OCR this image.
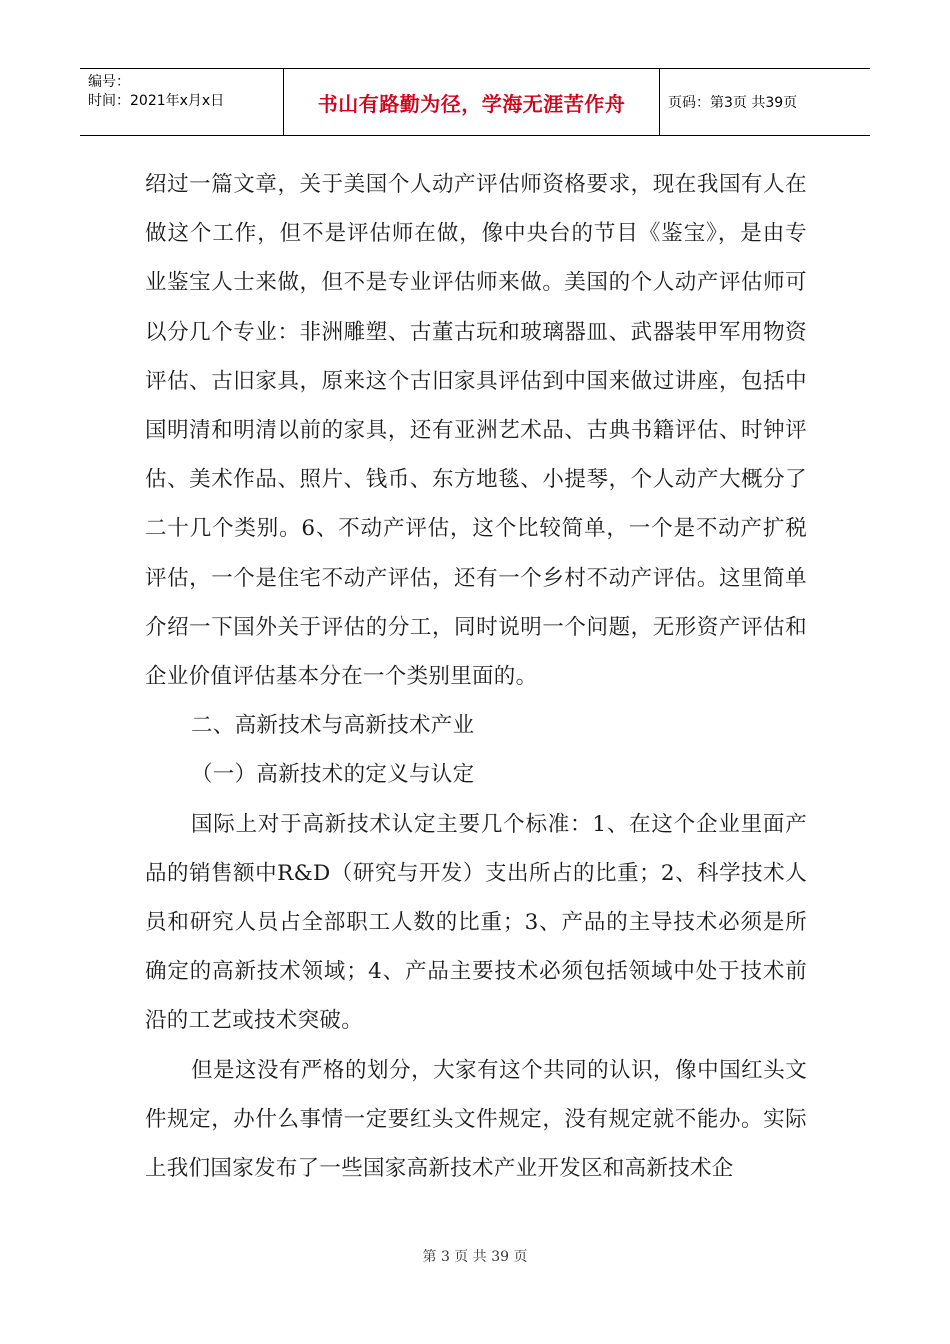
编号：
时间：2021年x月x日	书山有路勤为径，学海无涯苦作舟	页码：第3页 共39页

绍过一篇文章，关于美国个人动产评估师资格要求，现在我国有人在做这个工作，但不是评估师在做，像中央台的节目《鉴宝》，是由专业鉴宝人士来做，但不是专业评估师来做。美国的个人动产评估师可以分几个专业：非洲雕塑、古董古玩和玻璃器皿、武器装甲军用物资评估、古旧家具，原来这个古旧家具评估到中国来做过讲座，包括中国明清和明清以前的家具，还有亚洲艺术品、古典书籍评估、时钟评估、美术作品、照片、钱币、东方地毯、小提琴，个人动产大概分了二十几个类别。6、不动产评估，这个比较简单，一个是不动产扩税评估，一个是住宅不动产评估，还有一个乡村不动产评估。这里简单介绍一下国外关于评估的分工，同时说明一个问题，无形资产评估和企业价值评估基本分在一个类别里面的。

二、高新技术与高新技术产业

（一）高新技术的定义与认定

国际上对于高新技术认定主要几个标准：1、在这个企业里面产品的销售额中R&D（研究与开发）支出所占的比重；2、科学技术人员和研究人员占全部职工人数的比重；3、产品的主导技术必须是所确定的高新技术领域；4、产品主要技术必须包括领域中处于技术前沿的工艺或技术突破。

但是这没有严格的划分，大家有这个共同的认识，像中国红头文件规定，办什么事情一定要红头文件规定，没有规定就不能办。实际上我们国家发布了一些国家高新技术产业开发区和高新技术企

第 3 页 共 39 页
